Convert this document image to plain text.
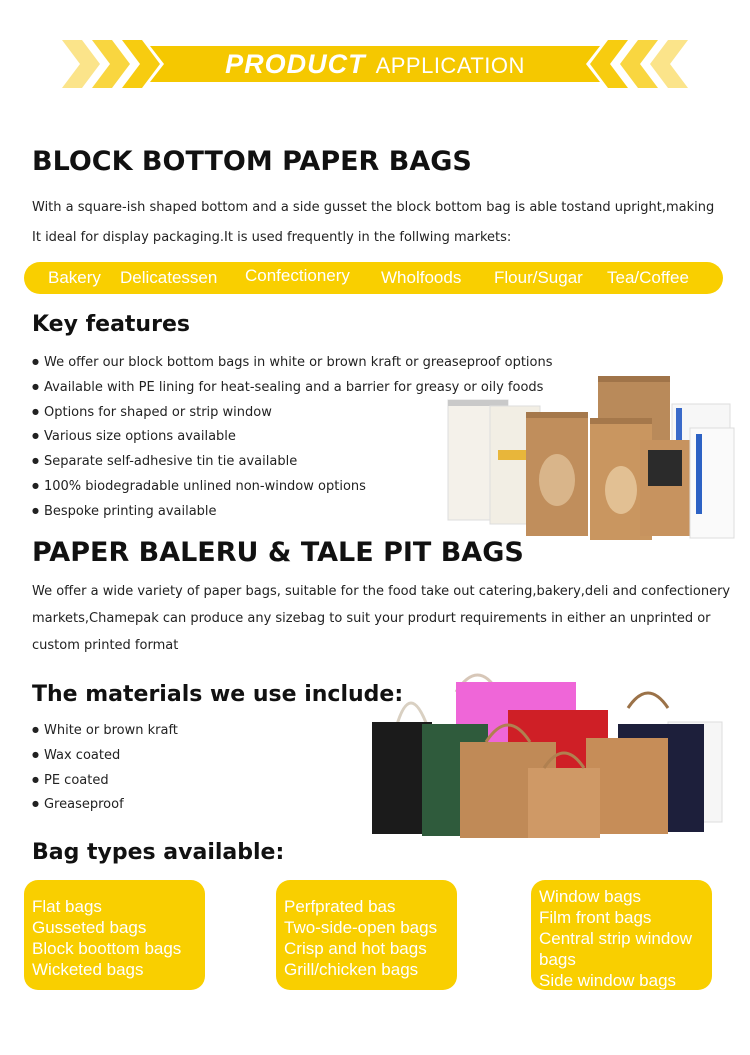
PRODUCT APPLICATION
BLOCK BOTTOM PAPER BAGS
With a square-ish shaped bottom and a side gusset the block bottom bag is able tostand upright,making
It ideal for display packaging.It is used frequently in the follwing markets:
Bakery Delicatessen Confectionery Wholfoods Flour/Sugar Tea/Coffee
Key features
● We offer our block bottom bags in white or brown kraft or greaseproof options
● Available with PE lining for heat-sealing and a barrier for greasy or oily foods
● Options for shaped or strip window
● Various size options available
● Separate self-adhesive tin tie available
● 100% biodegradable unlined non-window options
● Bespoke printing available
PAPER BALERU & TALE PIT BAGS
We offer a wide variety of paper bags, suitable for the food take out catering,bakery,deli and confectionery
markets,Chamepak can produce any sizebag to suit your produrt requirements in either an unprinted or
custom printed format
The materials we use include:
● White or brown kraft
● Wax coated
● PE coated
● Greaseproof
Bag types available:
Flat bags
Gusseted bags
Block boottom bags
Wicketed bags
Perfprated bas
Two-side-open bags
Crisp and hot bags
Grill/chicken bags
Window bags
Film front bags
Central strip window
bags
Side window bags
